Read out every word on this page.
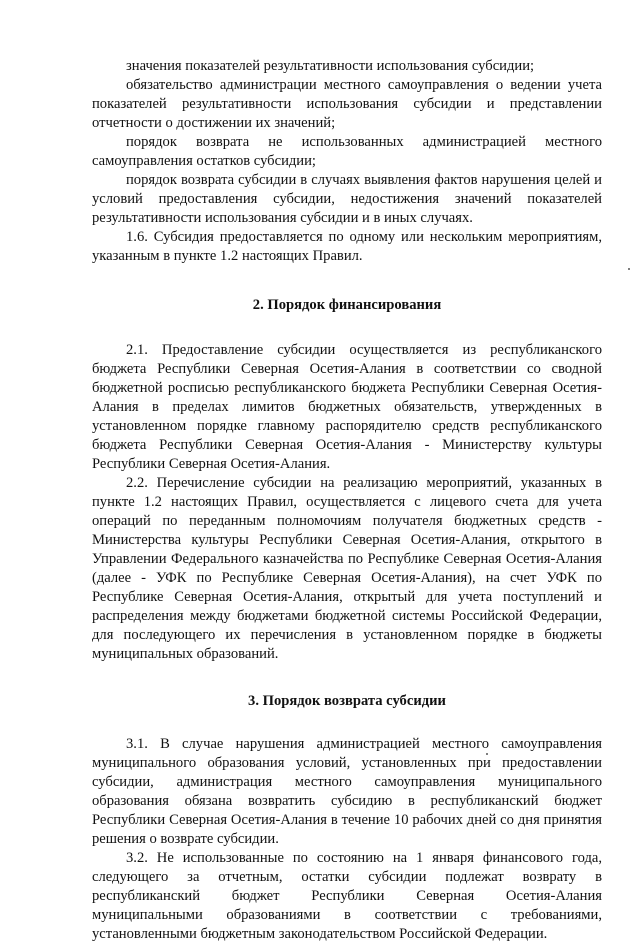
значения показателей результативности использования субсидии;

обязательство администрации местного самоуправления о ведении учета показателей результативности использования субсидии и представлении отчетности о достижении их значений;

порядок возврата не использованных администрацией местного самоуправления остатков субсидии;

порядок возврата субсидии в случаях выявления фактов нарушения целей и условий предоставления субсидии, недостижения значений показателей результативности использования субсидии и в иных случаях.

1.6. Субсидия предоставляется по одному или нескольким мероприятиям, указанным в пункте 1.2 настоящих Правил.

2. Порядок финансирования

2.1. Предоставление субсидии осуществляется из республиканского бюджета Республики Северная Осетия-Алания в соответствии со сводной бюджетной росписью республиканского бюджета Республики Северная Осетия-Алания в пределах лимитов бюджетных обязательств, утвержденных в установленном порядке главному распорядителю средств республиканского бюджета Республики Северная Осетия-Алания - Министерству культуры Республики Северная Осетия-Алания.

2.2. Перечисление субсидии на реализацию мероприятий, указанных в пункте 1.2 настоящих Правил, осуществляется с лицевого счета для учета операций по переданным полномочиям получателя бюджетных средств - Министерства культуры Республики Северная Осетия-Алания, открытого в Управлении Федерального казначейства по Республике Северная Осетия-Алания (далее - УФК по Республике Северная Осетия-Алания), на счет УФК по Республике Северная Осетия-Алания, открытый для учета поступлений и распределения между бюджетами бюджетной системы Российской Федерации, для последующего их перечисления в установленном порядке в бюджеты муниципальных образований.

3. Порядок возврата субсидии

3.1. В случае нарушения администрацией местного самоуправления муниципального образования условий, установленных при предоставлении субсидии, администрация местного самоуправления муниципального образования обязана возвратить субсидию в республиканский бюджет Республики Северная Осетия-Алания в течение 10 рабочих дней со дня принятия решения о возврате субсидии.

3.2. Не использованные по состоянию на 1 января финансового года, следующего за отчетным, остатки субсидии подлежат возврату в республиканский бюджет Республики Северная Осетия-Алания муниципальными образованиями в соответствии с требованиями, установленными бюджетным законодательством Российской Федерации.
